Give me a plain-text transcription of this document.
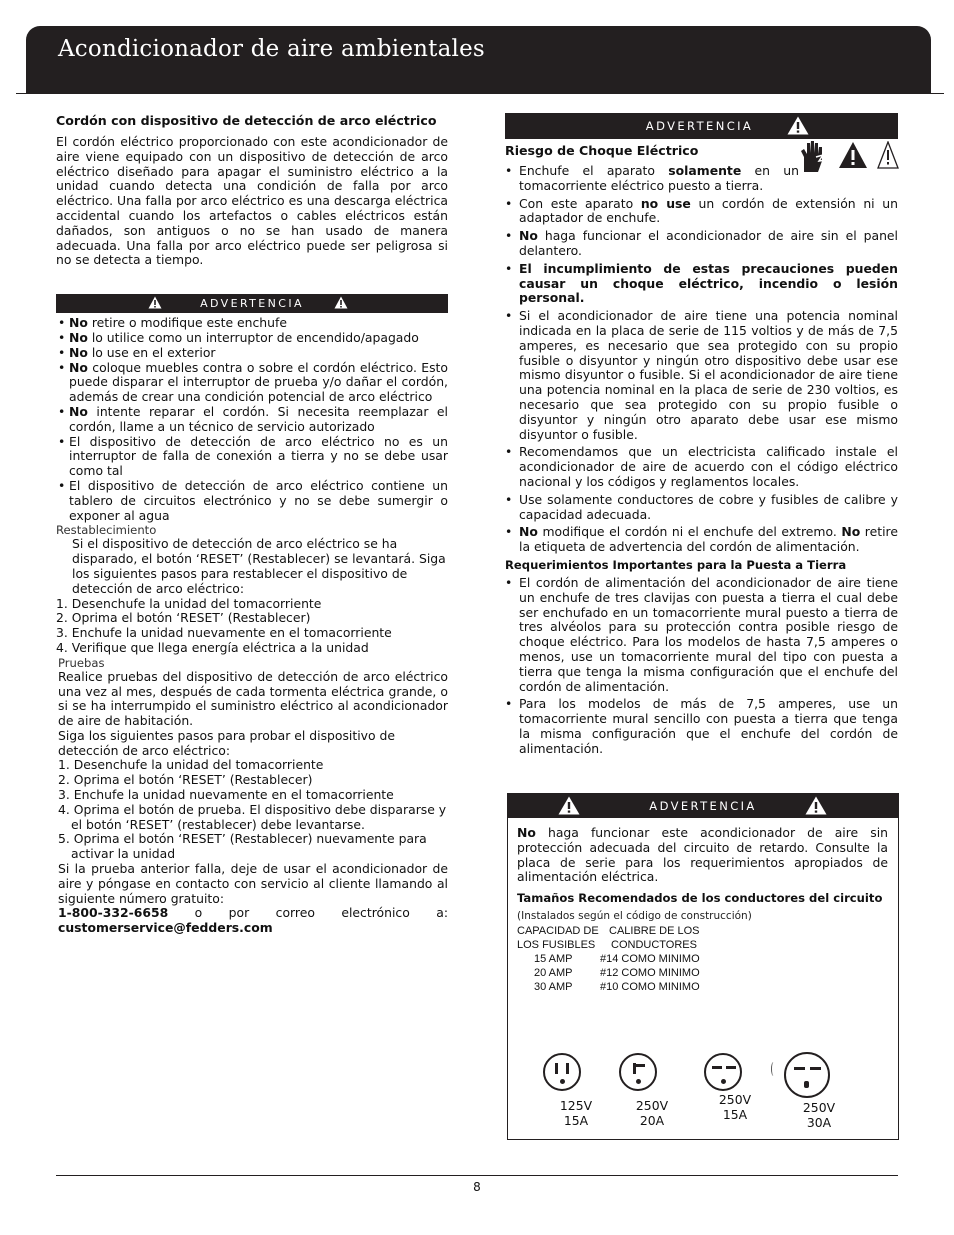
Acondicionador de aire ambientales
Cordón con dispositivo de detección de arco eléctrico

El cordón eléctrico proporcionado con este acondicionador de aire viene equipado con un dispositivo de detección de arco eléctrico diseñado para apagar el suministro eléctrico a la unidad cuando detecta una condición de falla por arco eléctrico. Una falla por arco eléctrico es una descarga eléctrica accidental cuando los artefactos o cables eléctricos están dañados, son antiguos o no se han usado de manera adecuada. Una falla por arco eléctrico puede ser peligrosa si no se detecta a tiempo.

ADVERTENCIA
• No retire o modifique este enchufe
• No lo utilice como un interruptor de encendido/apagado
• No lo use en el exterior
• No coloque muebles contra o sobre el cordón eléctrico. Esto puede disparar el interruptor de prueba y/o dañar el cordón, además de crear una condición potencial de arco eléctrico
• No intente reparar el cordón. Si necesita reemplazar el cordón, llame a un técnico de servicio autorizado
• El dispositivo de detección de arco eléctrico no es un interruptor de falla de conexión a tierra y no se debe usar como tal
• El dispositivo de detección de arco eléctrico contiene un tablero de circuitos electrónico y no se debe sumergir o exponer al agua
Restablecimiento

Si el dispositivo de detección de arco eléctrico se ha disparado, el botón ‘RESET’ (Restablecer) se levantará. Siga los siguientes pasos para restablecer el dispositivo de detección de arco eléctrico:

1. Desenchufe la unidad del tomacorriente
2. Oprima el botón ‘RESET’ (Restablecer)
3. Enchufe la unidad nuevamente en el tomacorriente
4. Verifique que llega energía eléctrica a la unidad
Pruebas

Realice pruebas del dispositivo de detección de arco eléctrico una vez al mes, después de cada tormenta eléctrica grande, o si se ha interrumpido el suministro eléctrico al acondicionador de aire de habitación.

Siga los siguientes pasos para probar el dispositivo de detección de arco eléctrico:

1. Desenchufe la unidad del tomacorriente
2. Oprima el botón ‘RESET’ (Restablecer)
3. Enchufe la unidad nuevamente en el tomacorriente
4. Oprima el botón de prueba. El dispositivo debe dispararse y el botón ‘RESET’ (restablecer) debe levantarse.
5. Oprima el botón ‘RESET’ (Restablecer) nuevamente para activar la unidad

Si la prueba anterior falla, deje de usar el acondicionador de aire y póngase en contacto con servicio al cliente llamando al siguiente número gratuito:

1-800-332-6658 o por correo electrónico a:

customerservice@fedders.com

ADVERTENCIA
Riesgo de Choque Eléctrico
• Enchufe el aparato solamente en un tomacorriente eléctrico puesto a tierra.
• Con este aparato no use un cordón de extensión ni un adaptador de enchufe.
• No haga funcionar el acondicionador de aire sin el panel delantero.
• El incumplimiento de estas precauciones pueden causar un choque eléctrico, incendio o lesión personal.
• Si el acondicionador de aire tiene una potencia nominal indicada en la placa de serie de 115 voltios y de más de 7,5 amperes, es necesario que sea protegido con su propio fusible o disyuntor y ningún otro dispositivo debe usar ese mismo disyuntor o fusible. Si el acondicionador de aire tiene una potencia nominal en la placa de serie de 230 voltios, es necesario que sea protegido con su propio fusible o disyuntor y ningún otro aparato debe usar ese mismo disyuntor o fusible.
• Recomendamos que un electricista calificado instale el acondicionador de aire de acuerdo con el código eléctrico nacional y los códigos y reglamentos locales.
• Use solamente conductores de cobre y fusibles de calibre y capacidad adecuada.
• No modifique el cordón ni el enchufe del extremo. No retire la etiqueta de advertencia del cordón de alimentación.
Requerimientos Importantes para la Puesta a Tierra
• El cordón de alimentación del acondicionador de aire tiene un enchufe de tres clavijas con puesta a tierra el cual debe ser enchufado en un tomacorriente mural puesto a tierra de tres alvéolos para su protección contra posible riesgo de choque eléctrico. Para los modelos de hasta 7,5 amperes o menos, use un tomacorriente mural del tipo con puesta a tierra que tenga la misma configuración que el enchufe del cordón de alimentación.
• Para los modelos de más de 7,5 amperes, use un tomacorriente mural sencillo con puesta a tierra que tenga la misma configuración que el enchufe del cordón de alimentación.
ADVERTENCIA

No haga funcionar este acondicionador de aire sin protección adecuada del circuito de retardo. Consulte la placa de serie para los requerimientos apropiados de alimentación eléctrica.

Tamaños Recomendados de los conductores del circuito
(Instalados según el código de construcción)
CAPACIDAD DE CALIBRE DE LOS
LOS FUSIBLES	CONDUCTORES
15 AMP	#14 COMO MINIMO
20 AMP	#12 COMO MINIMO
30 AMP	#10 COMO MINIMO
125V
15A
250V
20A
250V
15A	250V
30A
8
